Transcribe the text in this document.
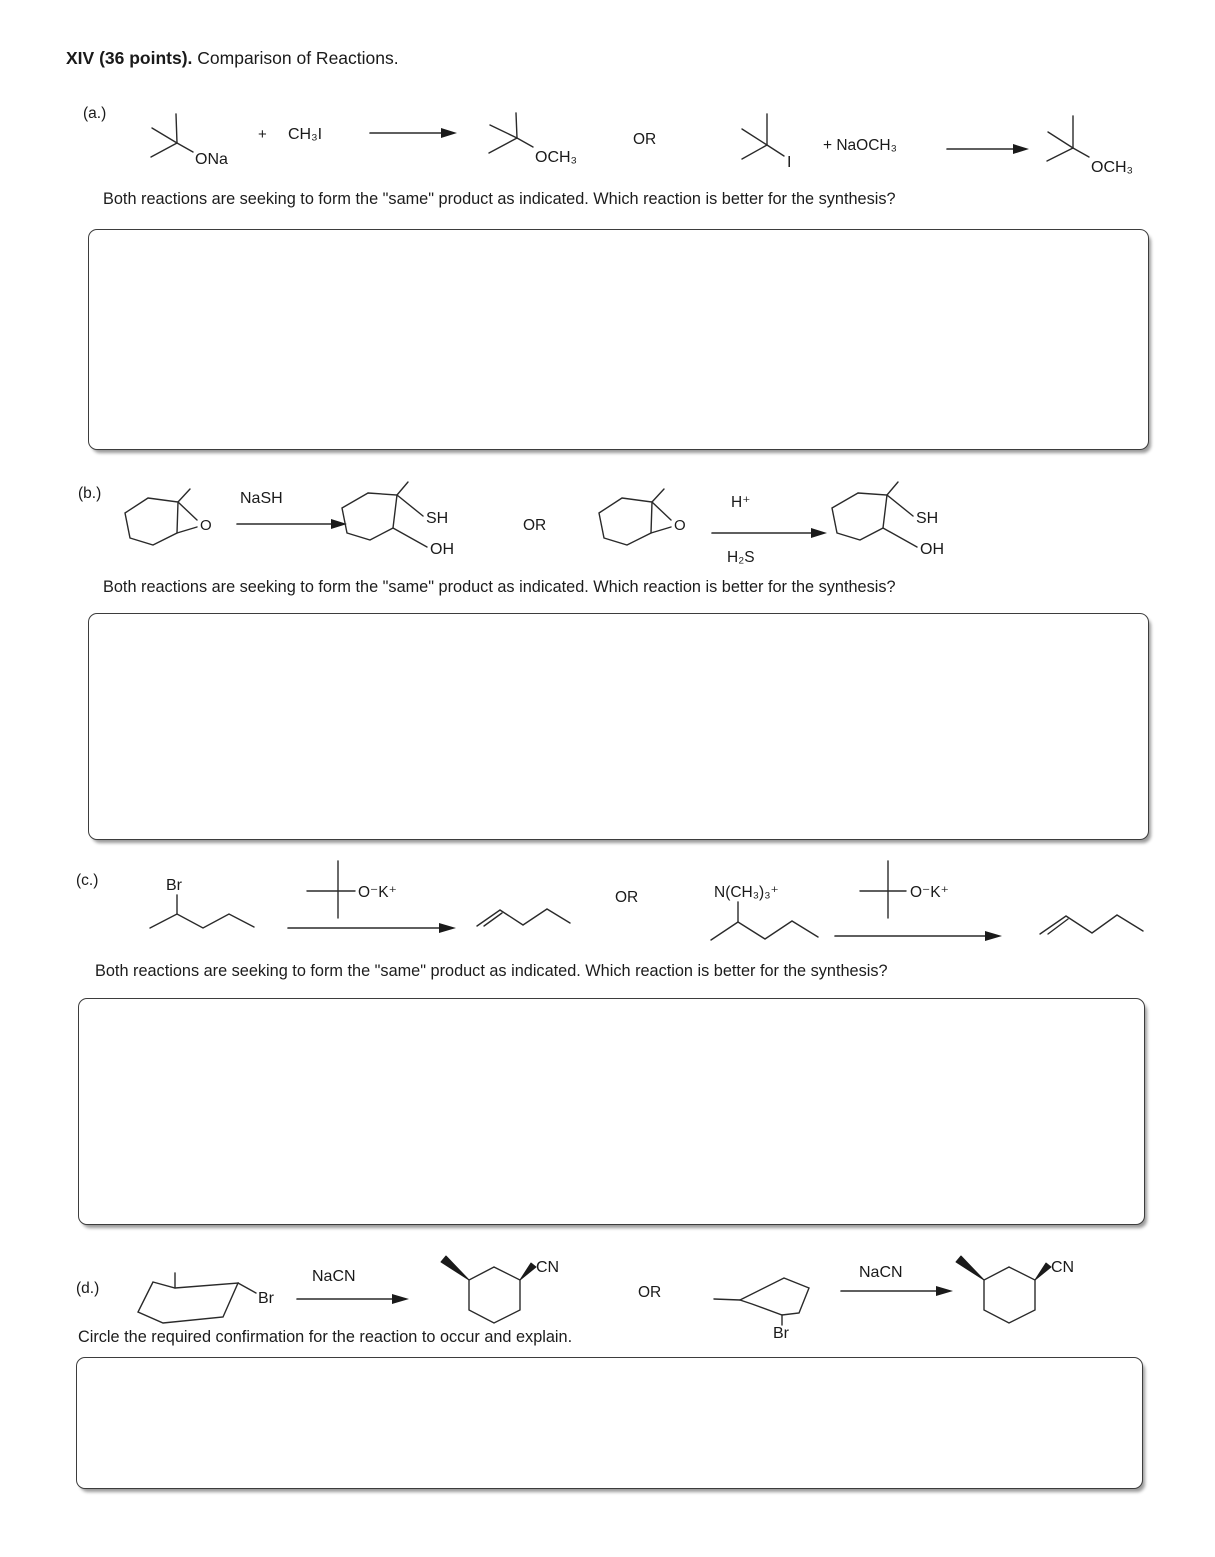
XIV (36 points). Comparison of Reactions.
(a.)
ONa
+ CH₃I
OCH₃
OR
I
+ NaOCH₃
OCH₃
Both reactions are seeking to form the "same" product as indicated. Which reaction is better for the synthesis?
(b.)
O
NaSH
SH
OH
OR	O
H⁺
H₂S
SH
OH
Both reactions are seeking to form the "same" product as indicated. Which reaction is better for the synthesis?
(c.)	Br	O⁻K⁺	OR	N(CH₃)₃⁺	O⁻K⁺
Both reactions are seeking to form the "same" product as indicated. Which reaction is better for the synthesis?
(d.)
Br
NaCN
CN
OR
Br
NaCN	CN
Circle the required confirmation for the reaction to occur and explain.
